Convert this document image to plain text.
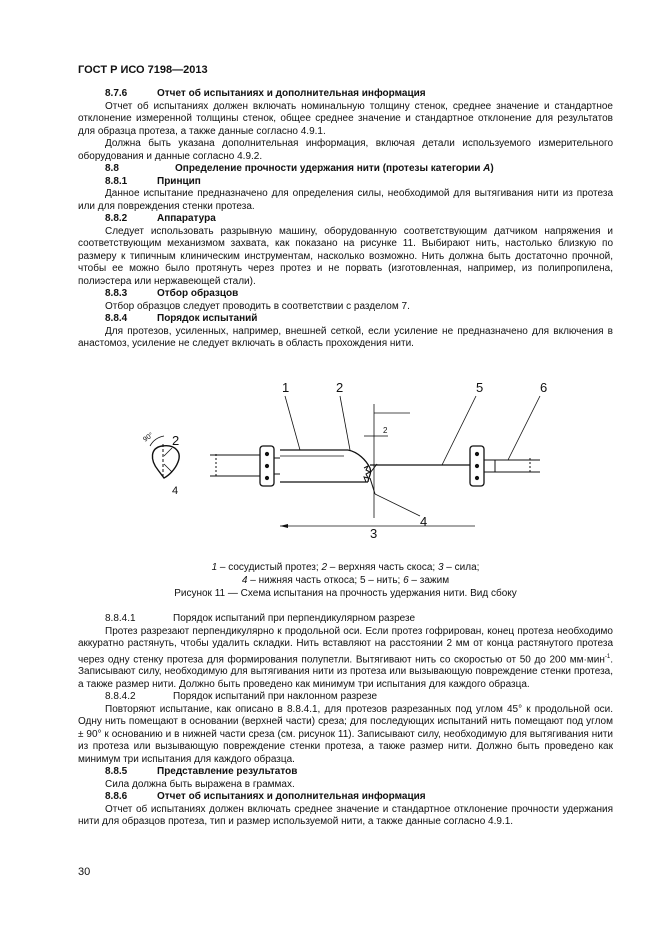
ГОСТ Р ИСО 7198—2013
8.7.6	Отчет об испытаниях и дополнительная информация
Отчет об испытаниях должен включать номинальную толщину стенок, среднее значение и стандартное отклонение измеренной толщины стенок, общее среднее значение и стандартное отклонение для результатов для образца протеза, а также данные согласно 4.9.1.
Должна быть указана дополнительная информация, включая детали используемого измерительного оборудования и данные согласно 4.9.2.
8.8	Определение прочности удержания нити (протезы категории A)
8.8.1	Принцип
Данное испытание предназначено для определения силы, необходимой для вытягивания нити из протеза или для повреждения стенки протеза.
8.8.2	Аппаратура
Следует использовать разрывную машину, оборудованную соответствующим датчиком напряжения и соответствующим механизмом захвата, как показано на рисунке 11. Выбирают нить, настолько близкую по размеру к типичным клиническим инструментам, насколько возможно. Нить должна быть достаточно прочной, чтобы ее можно было протянуть через протез и не порвать (изготовленная, например, из полипропилена, полиэстера или нержавеющей стали).
8.8.3	Отбор образцов
Отбор образцов следует проводить в соответствии с разделом 7.
8.8.4	Порядок испытаний
Для протезов, усиленных, например, внешней сеткой, если усиление не предназначено для включения в анастомоз, усиление не следует включать в область прохождения нити.
90° 2
4
2
3
1	2	5	6
4
1 – сосудистый протез; 2 – верхняя часть скоса; 3 – сила;
4 – нижняя часть откоса; 5 – нить; 6 – зажим
Рисунок 11 — Схема испытания на прочность удержания нити. Вид сбоку
8.8.4.1	Порядок испытаний при перпендикулярном разрезе
Протез разрезают перпендикулярно к продольной оси. Если протез гофрирован, конец протеза необходимо аккуратно растянуть, чтобы удалить складки. Нить вставляют на расстоянии 2 мм от конца растянутого протеза через одну стенку протеза для формирования полупетли. Вытягивают нить со скоростью от 50 до 200 мм·мин$^{-1}$. Записывают силу, необходимую для вытягивания нити из протеза или вызывающую повреждение стенки протеза, а также размер нити. Должно быть проведено как минимум три испытания для каждого образца.
8.8.4.2	Порядок испытаний при наклонном разрезе
Повторяют испытание, как описано в 8.8.4.1, для протезов разрезанных под углом 45° к продольной оси. Одну нить помещают в основании (верхней части) среза; для последующих испытаний нить помещают под углом ± 90° к основанию и в нижней части среза (см. рисунок 11). Записывают силу, необходимую для вытягивания нити из протеза или вызывающую повреждение стенки протеза, а также размер нити. Должно быть проведено как минимум три испытания для каждого образца.
8.8.5	Представление результатов
Сила должна быть выражена в граммах.
8.8.6	Отчет об испытаниях и дополнительная информация
Отчет об испытаниях должен включать среднее значение и стандартное отклонение прочности удержания нити для образцов протеза, тип и размер используемой нити, а также данные согласно 4.9.1.
30
